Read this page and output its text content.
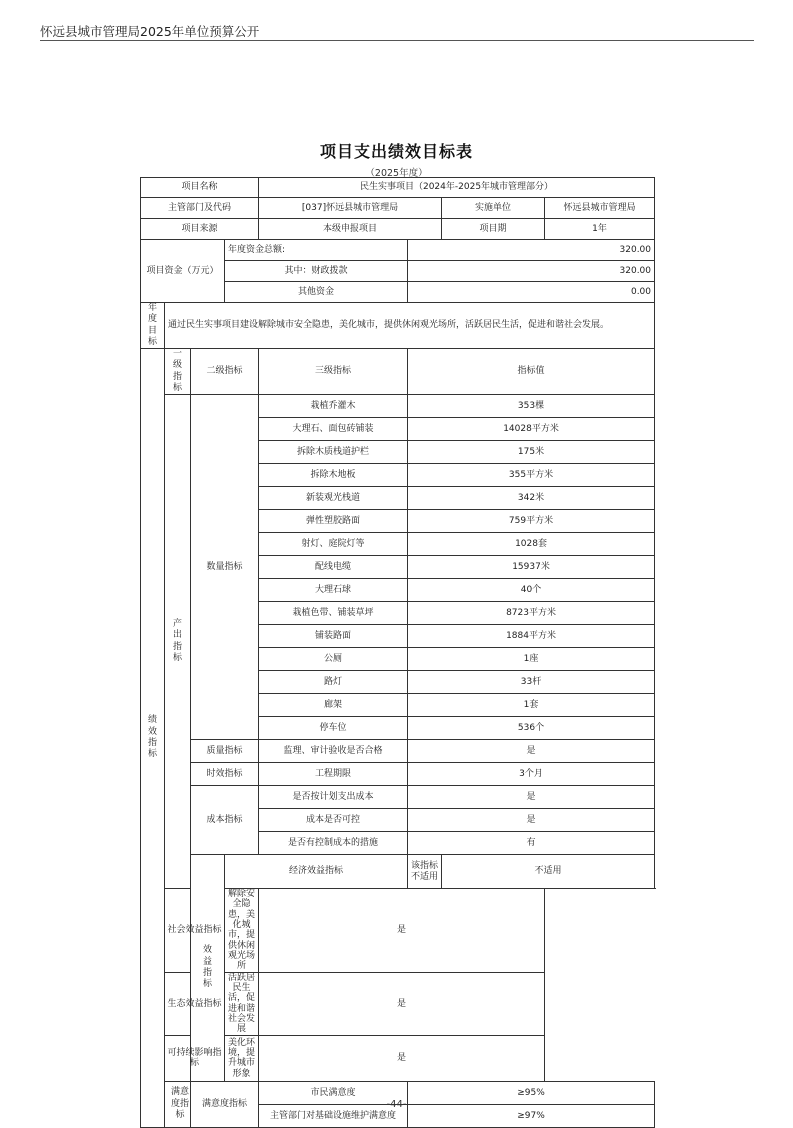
怀远县城市管理局2025年单位预算公开
项目支出绩效目标表
（2025年度）
项目名称				民生实事项目（2024年-2025年城市管理部分）			
主管部门及代码				[037]怀远县城市管理局		实施单位	怀远县城市管理局
项目来源				本级申报项目		项目期	1年
项目资金（万元）			年度资金总额:		320.00		
			其中：财政拨款		320.00		
			其他资金		0.00		
年度目标	通过民生实事项目建设解除城市安全隐患，美化城市，提供休闲观光场所，活跃居民生活，促进和谐社会发展。						
绩效指标	一级指标	二级指标		三级指标	指标值		
	产出指标	数量指标		栽植乔灌木	353棵		
				大理石、面包砖铺装	14028平方米		
				拆除木质栈道护栏	175米		
				拆除木地板	355平方米		
				新装观光栈道	342米		
				弹性塑胶路面	759平方米		
				射灯、庭院灯等	1028套		
				配线电缆	15937米		
				大理石球	40个		
				栽植色带、铺装草坪	8723平方米		
				铺装路面	1884平方米		
				公厕	1座		
				路灯	33杆		
				廊架	1套		
				停车位	536个		
		质量指标		监理、审计验收是否合格	是		
		时效指标		工程期限	3个月		
		成本指标		是否按计划支出成本	是		
				成本是否可控	是		
				是否有控制成本的措施	有		
		效益指标	经济效益指标		该指标不适用	不适用	
	社会效益指标		解除安全隐患，美化城市，提供休闲观光场所	是			
	生态效益指标		活跃居民生活，促进和谐社会发展	是			
	可持续影响指标		美化环境，提升城市形象	是			
	满意度指标	满意度指标		市民满意度	≥95%		
				主管部门对基础设施维护满意度	≥97%		
-44-
